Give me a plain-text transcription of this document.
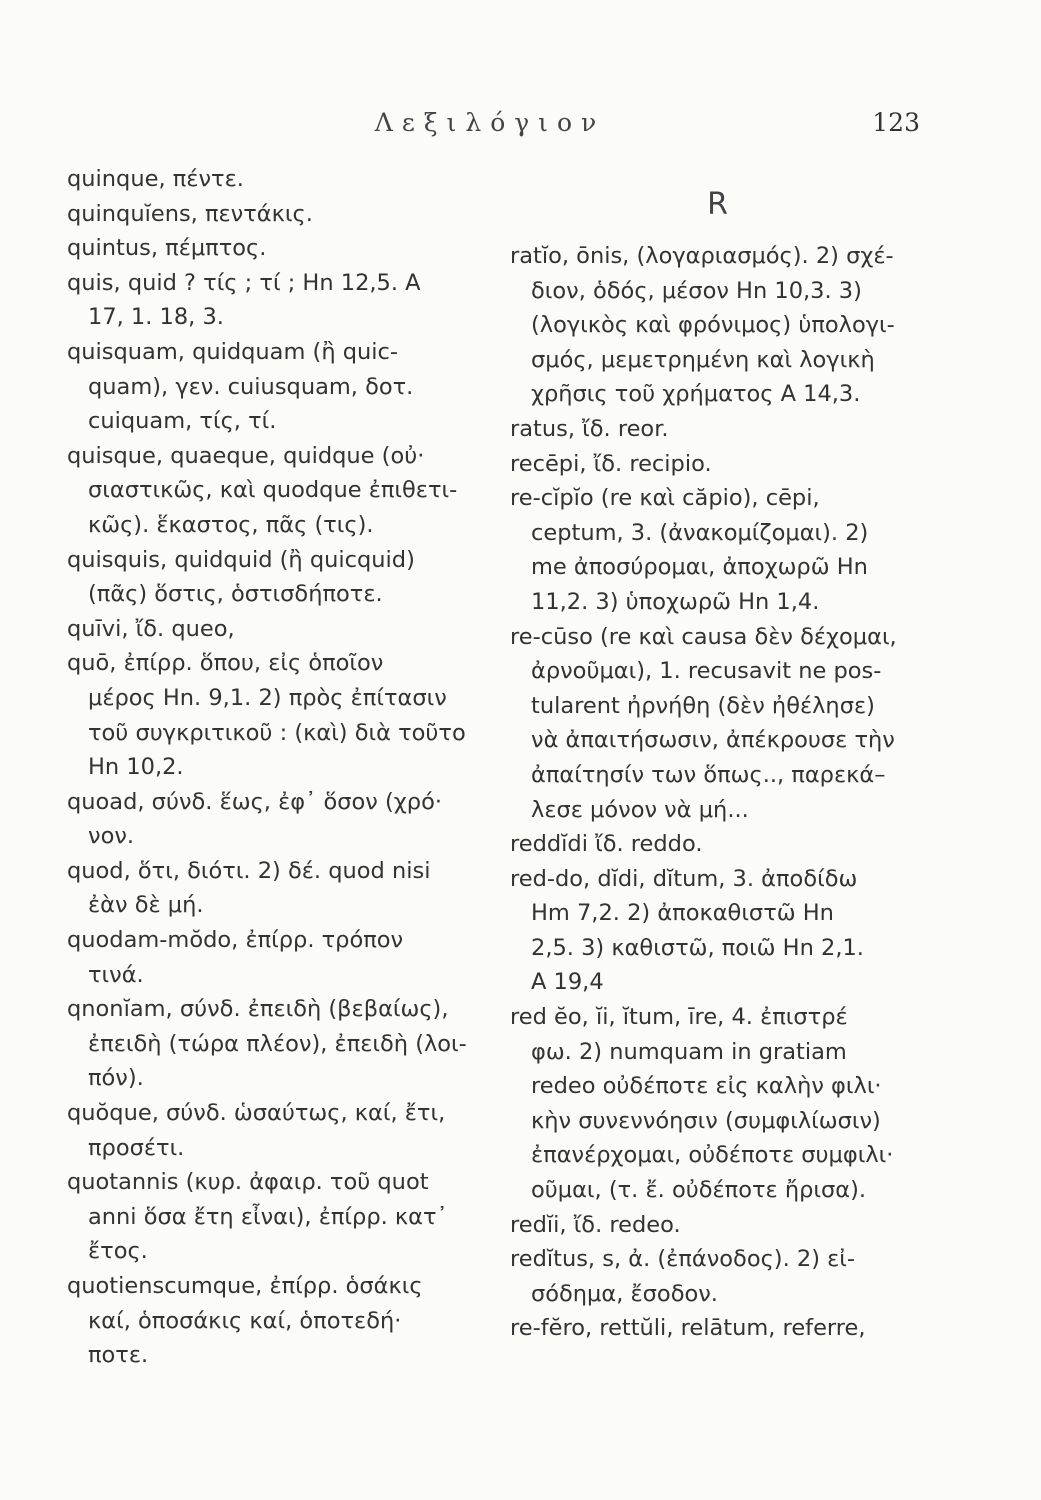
Λεξιλόγιον	123
quinque, πέντε.
quinquĭens, πεντάκις.
quintus, πέμπτος.
quis, quid ? τίς ; τί ; Hn 12,5. A
17, 1. 18, 3.
quisquam, quidquam (ἢ quic-
quam), γεν. cuiusquam, δοτ.
cuiquam, τίς, τί.
quisque, quaeque, quidque (οὐ·
σιαστικῶς, καὶ quodque ἐπιθετι-
κῶς). ἕκαστος, πᾶς (τις).
quisquis, quidquid (ἢ quicquid)
(πᾶς) ὅστις, ὁστισδήποτε.
quīvi, ἴδ. queo,
quō, ἐπίρρ. ὅπου, εἰς ὁποῖον
μέρος Hn. 9,1. 2) πρὸς ἐπίτασιν
τοῦ συγκριτικοῦ : (καὶ) διὰ τοῦτο
Hn 10,2.
quoad, σύνδ. ἕως, ἐφ᾽ ὅσον (χρό·
νον.
quod, ὅτι, διότι. 2) δέ. quod nisi
ἐὰν δὲ μή.
quodam-mŏdo, ἐπίρρ. τρόπον
τινά.
qnonĭam, σύνδ. ἐπειδὴ (βεβαίως),
ἐπειδὴ (τώρα πλέον), ἐπειδὴ (λοι-
πόν).
quŏque, σύνδ. ὡσαύτως, καί, ἔτι,
προσέτι.
quotannis (κυρ. ἀφαιρ. τοῦ quot
anni ὅσα ἔτη εἶναι), ἐπίρρ. κατ᾽
ἔτος.
quotienscumque, ἐπίρρ. ὁσάκις
καί, ὁποσάκις καί, ὁποτεδή·
ποτε.
R
ratĭo, ōnis, (λογαριασμός). 2) σχέ-
διον, ὁδός, μέσον Hn 10,3. 3)
(λογικὸς καὶ φρόνιμος) ὑπολογι-
σμός, μεμετρημένη καὶ λογικὴ
χρῆσις τοῦ χρήματος A 14,3.
ratus, ἴδ. reor.
recēpi, ἴδ. recipio.
re-cĭpĭo (re καὶ căpio), cēpi,
ceptum, 3. (ἀνακομίζομαι). 2)
me ἀποσύρομαι, ἀποχωρῶ Hn
11,2. 3) ὑποχωρῶ Hn 1,4.
re-cūso (re καὶ causa δὲν δέχομαι,
ἀρνοῦμαι), 1. recusavit ne pos-
tularent ἠρνήθη (δὲν ἠθέλησε)
νὰ ἀπαιτήσωσιν, ἀπέκρουσε τὴν
ἀπαίτησίν των ὅπως.., παρεκά–
λεσε μόνον νὰ μή...
reddĭdi ἴδ. reddo.
red-do, dĭdi, dĭtum, 3. ἀποδίδω
Hm 7,2. 2) ἀποκαθιστῶ Hn
2,5. 3) καθιστῶ, ποιῶ Hn 2,1.
A 19,4
red ĕo, ĭi, ĭtum, īre, 4. ἐπιστρέ
φω. 2) numquam in gratiam
redeo οὐδέποτε εἰς καλὴν φιλι·
κὴν συνεννόησιν (συμφιλίωσιν)
ἐπανέρχομαι, οὐδέποτε συμφιλι·
οῦμαι, (τ. ἔ. οὐδέποτε ἤρισα).
redĭi, ἴδ. redeo.
redĭtus, s, ἀ. (ἐπάνοδος). 2) εἰ-
σόδημα, ἔσοδον.
re-fĕro, rettŭli, relātum, referre,
